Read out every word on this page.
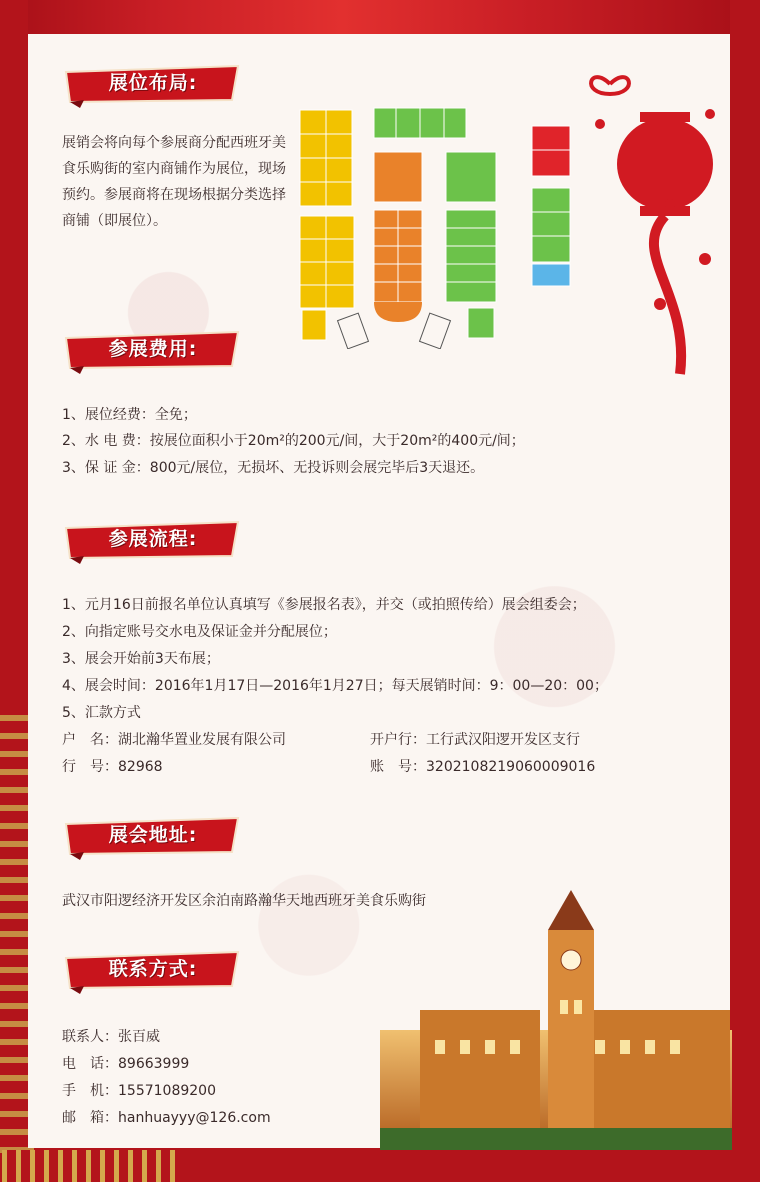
展位布局:
展销会将向每个参展商分配西班牙美食乐购街的室内商铺作为展位，现场预约。参展商将在现场根据分类选择商铺（即展位）。
参展费用:
1、展位经费：全免；
2、水 电 费：按展位面积小于20m²的200元/间，大于20m²的400元/间；
3、保 证 金：800元/展位，无损坏、无投诉则会展完毕后3天退还。
参展流程:
1、元月16日前报名单位认真填写《参展报名表》，并交（或拍照传给）展会组委会；
2、向指定账号交水电及保证金并分配展位；
3、展会开始前3天布展；
4、展会时间：2016年1月17日—2016年1月27日；每天展销时间：9：00—20：00；
5、汇款方式
户　名：湖北瀚华置业发展有限公司	开户行：工行武汉阳逻开发区支行
行　号：82968	账　号：3202108219060009016
展会地址:
武汉市阳逻经济开发区余泊南路瀚华天地西班牙美食乐购街
联系方式:
联系人：张百威
电　话：89663999
手　机：15571089200
邮　箱：hanhuayyy@126.com
